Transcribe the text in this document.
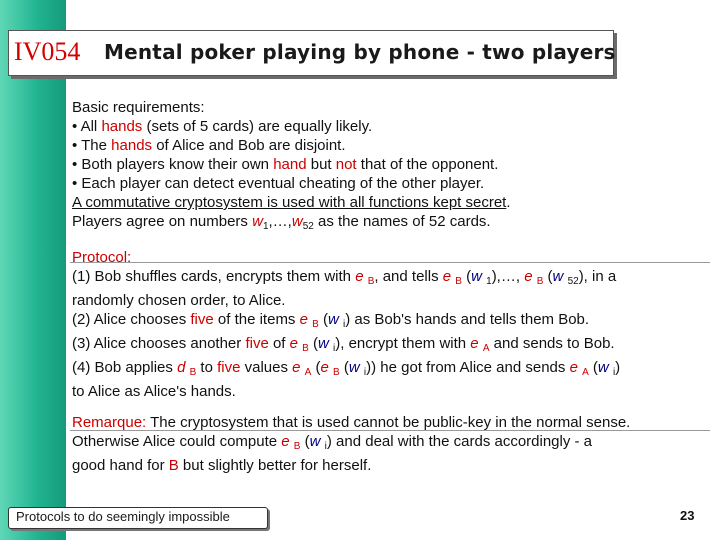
IV054 Mental poker playing by phone - two players

Basic requirements:

• All hands (sets of 5 cards) are equally likely.

• The hands of Alice and Bob are disjoint.

• Both players know their own hand but not that of the opponent.

• Each player can detect eventual cheating of the other player.

A commutative cryptosystem is used with all functions kept secret.

Players agree on numbers $w_1,\dots,w_{52}$ as the names of 52 cards.

Protocol:

(1) Bob shuffles cards, encrypts them with e $_B$, and tells e $_B$ (w $_1$),…, e $_B$ (w $_{52}$), in a

randomly chosen order, to Alice.

(2) Alice chooses five of the items e $_B$ (w $_i$) as Bob's hands and tells them Bob.

(3) Alice chooses another five of e $_B$ (w $_i$), encrypt them with e $_A$ and sends to Bob.

(4) Bob applies d $_B$ to five values e $_A$ (e $_B$ (w $_i$)) he got from Alice and sends e $_A$ (w $_i$)

to Alice as Alice's hands.

Remarque: The cryptosystem that is used cannot be public-key in the normal sense.

Otherwise Alice could compute e $_B$ (w $_i$) and deal with the cards accordingly - a

good hand for B but slightly better for herself.

Protocols to do seemingly impossible	23
